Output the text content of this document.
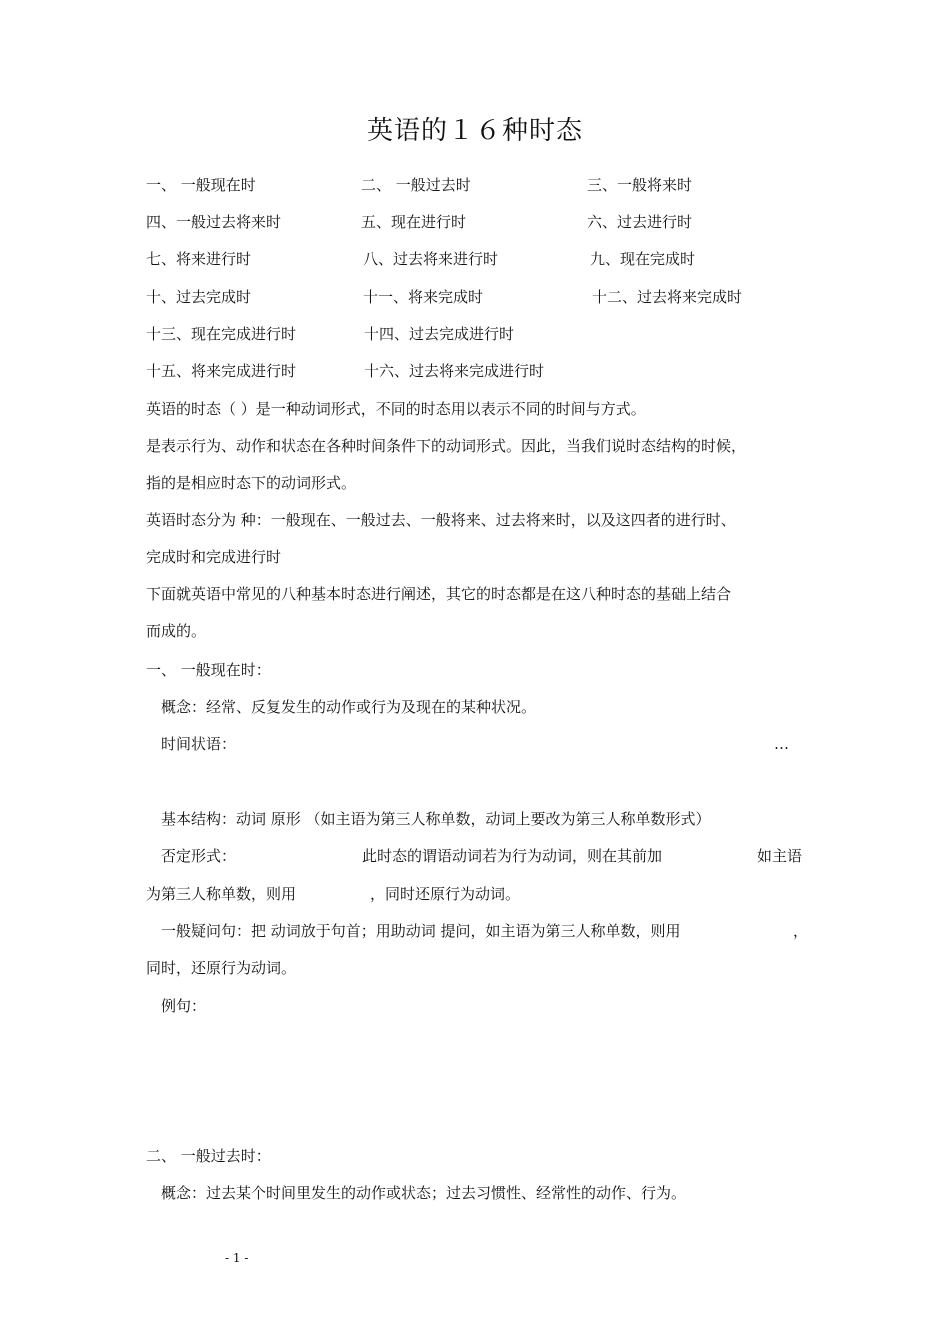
英语的１６种时态
一、 一般现在时	二、 一般过去时	三、一般将来时
四、一般过去将来时	五、现在进行时	六、过去进行时
七、将来进行时	八、过去将来进行时	九、现在完成时
十、过去完成时	十一、将来完成时	十二、过去将来完成时
十三、现在完成进行时	十四、过去完成进行时
十五、将来完成进行时	十六、过去将来完成进行时
英语的时态（ ）是一种动词形式，不同的时态用以表示不同的时间与方式。
是表示行为、动作和状态在各种时间条件下的动词形式。因此，当我们说时态结构的时候，
指的是相应时态下的动词形式。
英语时态分为 种：一般现在、一般过去、一般将来、过去将来时，以及这四者的进行时、
完成时和完成进行时
下面就英语中常见的八种基本时态进行阐述，其它的时态都是在这八种时态的基础上结合
而成的。
一、 一般现在时：
概念：经常、反复发生的动作或行为及现在的某种状况。
时间状语：	…
基本结构：动词 原形 （如主语为第三人称单数，动词上要改为第三人称单数形式）
否定形式：	此时态的谓语动词若为行为动词，则在其前加	如主语
为第三人称单数，则用	，同时还原行为动词。
一般疑问句：把 动词放于句首；用助动词 提问，如主语为第三人称单数，则用	，
同时，还原行为动词。
例句：
二、 一般过去时：
概念：过去某个时间里发生的动作或状态；过去习惯性、经常性的动作、行为。
- 1 -
